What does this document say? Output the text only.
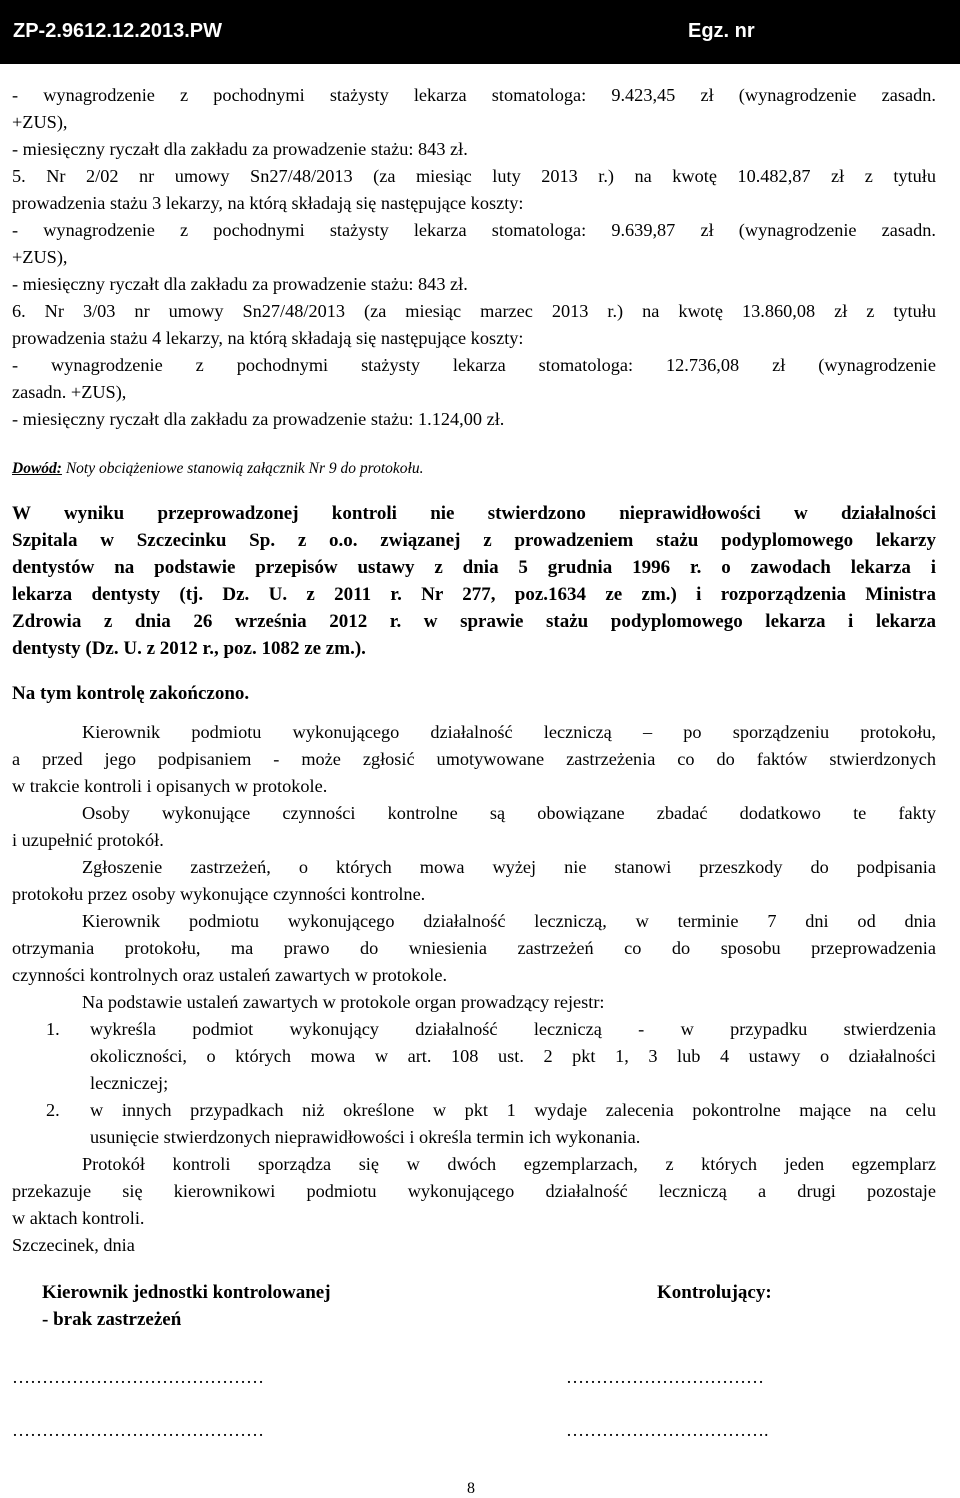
ZP-2.9612.12.2013.PW	Egz. nr
- wynagrodzenie z pochodnymi stażysty lekarza stomatologa: 9.423,45 zł (wynagrodzenie zasadn.
+ZUS),
- miesięczny ryczałt dla zakładu za prowadzenie stażu: 843 zł.
5. Nr 2/02 nr umowy Sn27/48/2013 (za miesiąc luty 2013 r.) na kwotę 10.482,87 zł z tytułu
prowadzenia stażu 3 lekarzy, na którą składają się następujące koszty:
- wynagrodzenie z pochodnymi stażysty lekarza stomatologa: 9.639,87 zł (wynagrodzenie zasadn.
+ZUS),
- miesięczny ryczałt dla zakładu za prowadzenie stażu: 843 zł.
6. Nr 3/03 nr umowy Sn27/48/2013 (za miesiąc marzec 2013 r.) na kwotę 13.860,08 zł z tytułu
prowadzenia stażu 4 lekarzy, na którą składają się następujące koszty:
- wynagrodzenie z pochodnymi stażysty lekarza stomatologa: 12.736,08 zł (wynagrodzenie
zasadn. +ZUS),
- miesięczny ryczałt dla zakładu za prowadzenie stażu: 1.124,00 zł.
Dowód: Noty obciążeniowe stanowią załącznik Nr 9 do protokołu.
W wyniku przeprowadzonej kontroli nie stwierdzono nieprawidłowości w działalności
Szpitala w Szczecinku Sp. z o.o. związanej z prowadzeniem stażu podyplomowego lekarzy
dentystów na podstawie przepisów ustawy z dnia 5 grudnia 1996 r. o zawodach lekarza i
lekarza dentysty (tj. Dz. U. z 2011 r. Nr 277, poz.1634 ze zm.) i rozporządzenia Ministra
Zdrowia z dnia 26 września 2012 r. w sprawie stażu podyplomowego lekarza i lekarza
dentysty (Dz. U. z 2012 r., poz. 1082 ze zm.).
Na tym kontrolę zakończono.
Kierownik podmiotu wykonującego działalność leczniczą – po sporządzeniu protokołu,
a przed jego podpisaniem - może zgłosić umotywowane zastrzeżenia co do faktów stwierdzonych
w trakcie kontroli i opisanych w protokole.
Osoby wykonujące czynności kontrolne są obowiązane zbadać dodatkowo te fakty
i uzupełnić protokół.
Zgłoszenie zastrzeżeń, o których mowa wyżej nie stanowi przeszkody do podpisania
protokołu przez osoby wykonujące czynności kontrolne.
Kierownik podmiotu wykonującego działalność leczniczą, w terminie 7 dni od dnia
otrzymania protokołu, ma prawo do wniesienia zastrzeżeń co do sposobu przeprowadzenia
czynności kontrolnych oraz ustaleń zawartych w protokole.
Na podstawie ustaleń zawartych w protokole organ prowadzący rejestr:
1.	wykreśla podmiot wykonujący działalność leczniczą - w przypadku stwierdzenia
okoliczności, o których mowa w art. 108 ust. 2 pkt 1, 3 lub 4 ustawy o działalności
leczniczej;
2.	w innych przypadkach niż określone w pkt 1 wydaje zalecenia pokontrolne mające na celu
usunięcie stwierdzonych nieprawidłowości i określa termin ich wykonania.
Protokół kontroli sporządza się w dwóch egzemplarzach, z których jeden egzemplarz
przekazuje się kierownikowi podmiotu wykonującego działalność leczniczą a drugi pozostaje
w aktach kontroli.
Szczecinek, dnia
Kierownik jednostki kontrolowanej
- brak zastrzeżeń
Kontrolujący:
……………………………………
……………………………………
……………………………
…………………………….
8
